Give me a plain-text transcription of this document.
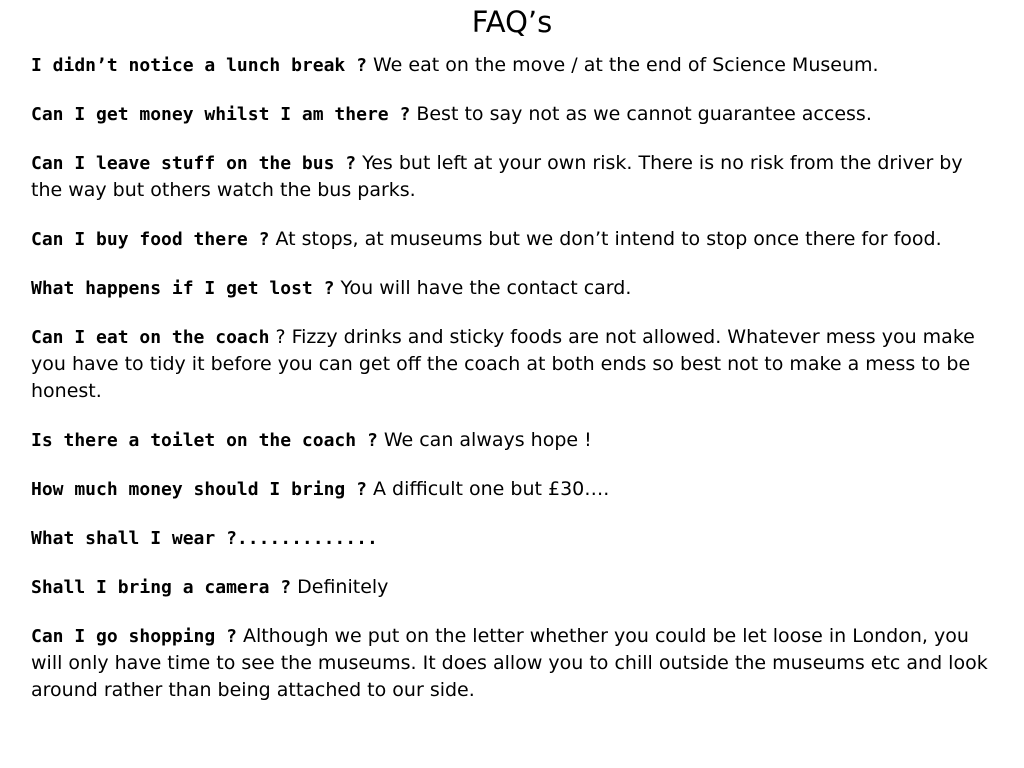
FAQ’s
I didn’t notice a lunch break ? We eat on the move / at the end of Science Museum.
Can I get money whilst I am there ? Best to say not as we cannot guarantee access.
Can I leave stuff on the bus ? Yes but left at your own risk. There is no risk from the driver by the way but others watch the bus parks.
Can I buy food there ? At stops, at museums but we don’t intend to stop once there for food.
What happens if I get lost ? You will have the contact card.
Can I eat on the coach ? Fizzy drinks and sticky foods are not allowed. Whatever mess you make you have to tidy it before you can get off the coach at both ends so best not to make a mess to be honest.
Is there a toilet on the coach ? We can always hope !
How much money should I bring ? A difficult one but £30….
What shall I wear ?.............
Shall I bring a camera ? Definitely
Can I go shopping ? Although we put on the letter whether you could be let loose in London, you will only have time to see the museums. It does allow you to chill outside the museums etc and look around rather than being attached to our side.
